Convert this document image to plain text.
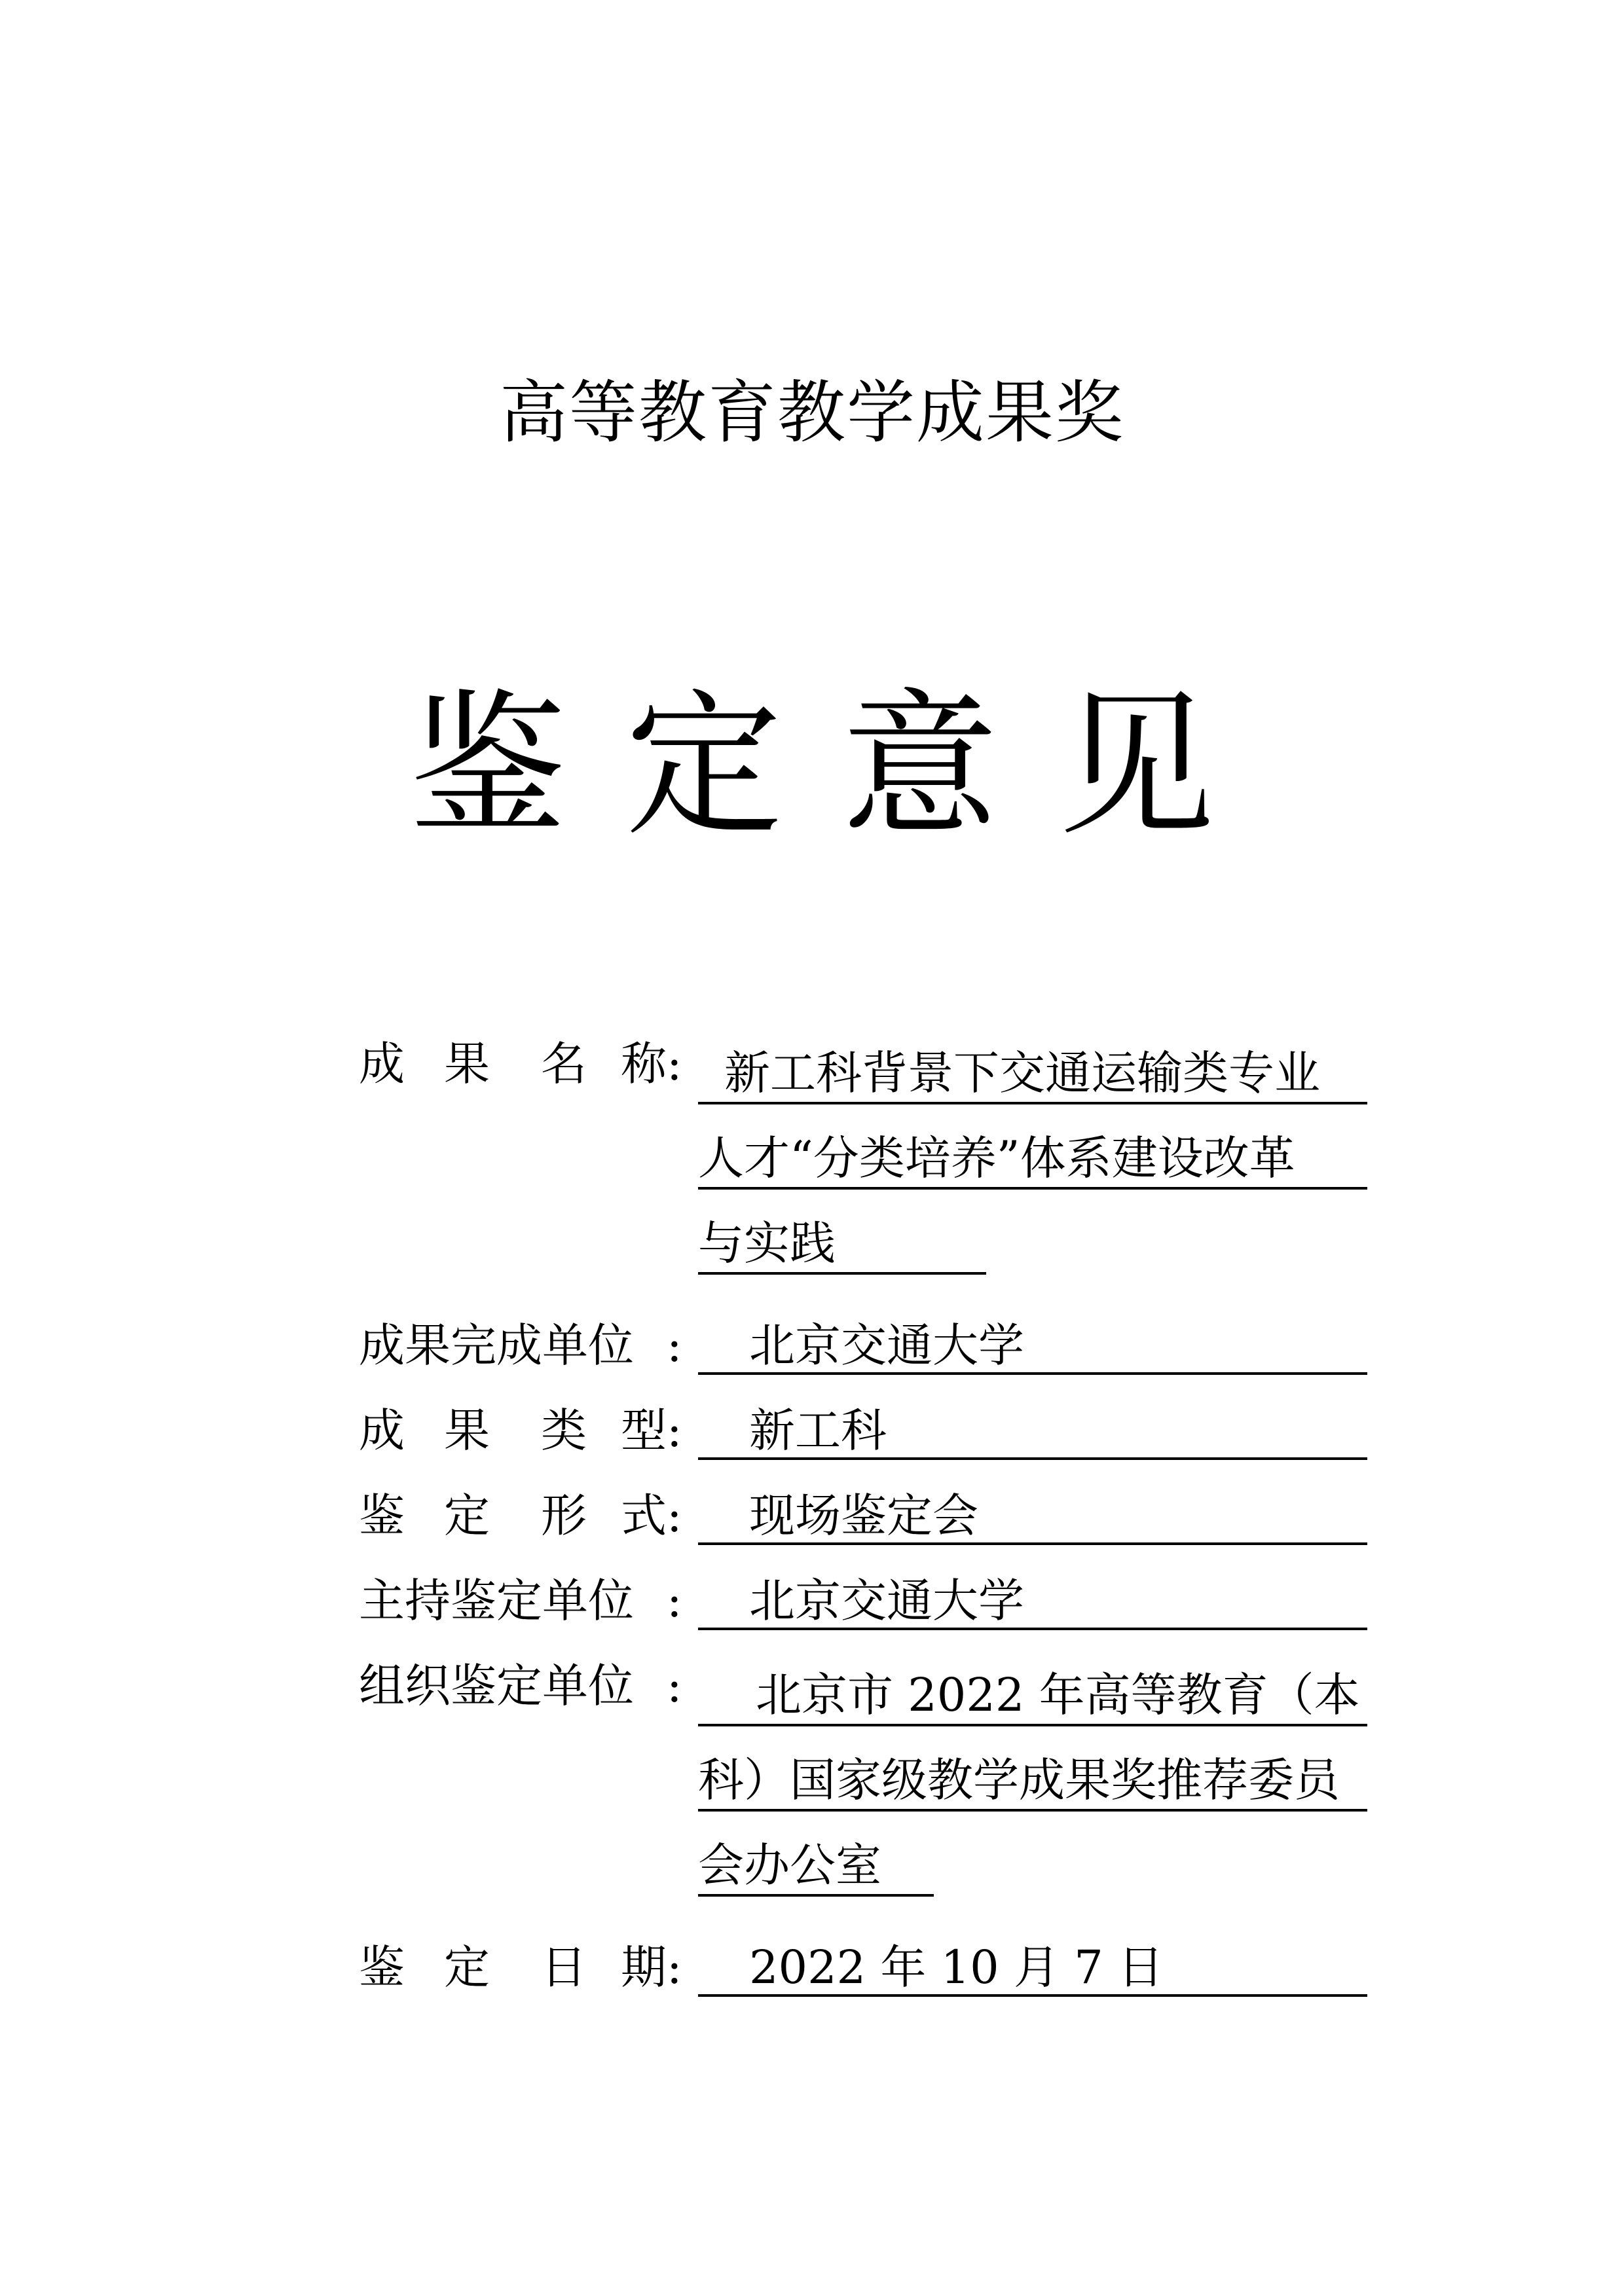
高等教育教学成果奖
鉴定意见
成 果 名 称 : 新工科背景下交通运输类专业
人才“分类培养”体系建设改革
与实践
成果完成单位 :	北京交通大学
成 果 类 型 :	新工科
鉴 定 形 式 :	现场鉴定会
主持鉴定单位 :	北京交通大学
组织鉴定单位 :	北京市 2022 年高等教育（本
科）国家级教学成果奖推荐委员
会办公室
鉴 定 日 期 :	2022 年 10 月 7 日
